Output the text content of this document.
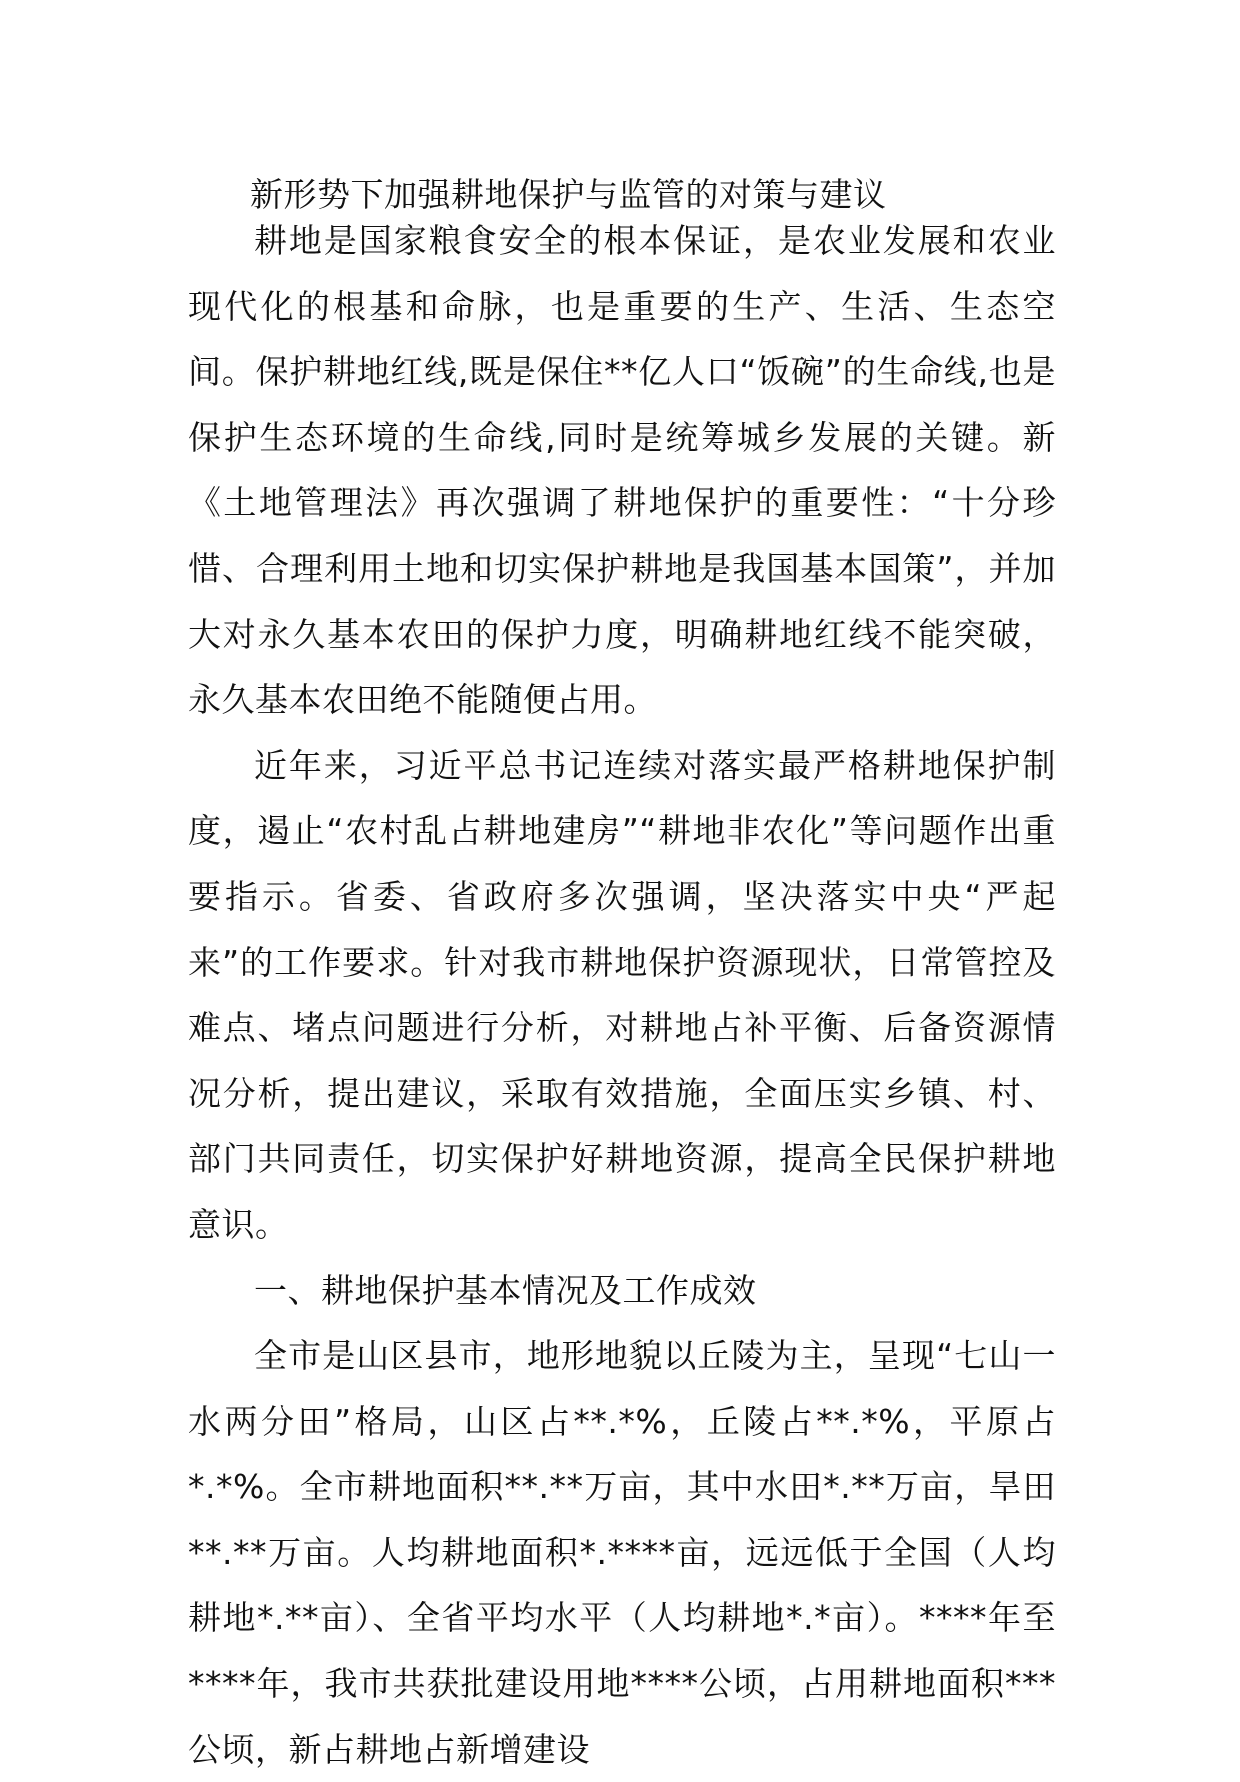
新形势下加强耕地保护与监管的对策与建议

耕地是国家粮食安全的根本保证，是农业发展和农业现代化的根基和命脉，也是重要的生产、生活、生态空间。保护耕地红线,既是保住**亿人口“饭碗”的生命线,也是保护生态环境的生命线,同时是统筹城乡发展的关键。新《土地管理法》再次强调了耕地保护的重要性：“十分珍惜、合理利用土地和切实保护耕地是我国基本国策”，并加大对永久基本农田的保护力度，明确耕地红线不能突破，永久基本农田绝不能随便占用。

近年来，习近平总书记连续对落实最严格耕地保护制度，遏止“农村乱占耕地建房”“耕地非农化”等问题作出重要指示。省委、省政府多次强调，坚决落实中央“严起来”的工作要求。针对我市耕地保护资源现状，日常管控及难点、堵点问题进行分析，对耕地占补平衡、后备资源情况分析，提出建议，采取有效措施，全面压实乡镇、村、部门共同责任，切实保护好耕地资源，提高全民保护耕地意识。

一、耕地保护基本情况及工作成效

全市是山区县市，地形地貌以丘陵为主，呈现“七山一水两分田”格局，山区占**.*%，丘陵占**.*%，平原占*.*%。全市耕地面积**.**万亩，其中水田*.**万亩，旱田**.**万亩。人均耕地面积*.****亩，远远低于全国（人均耕地*.**亩）、全省平均水平（人均耕地*.*亩）。****年至****年，我市共获批建设用地****公顷，占用耕地面积***公顷，新占耕地占新增建设
